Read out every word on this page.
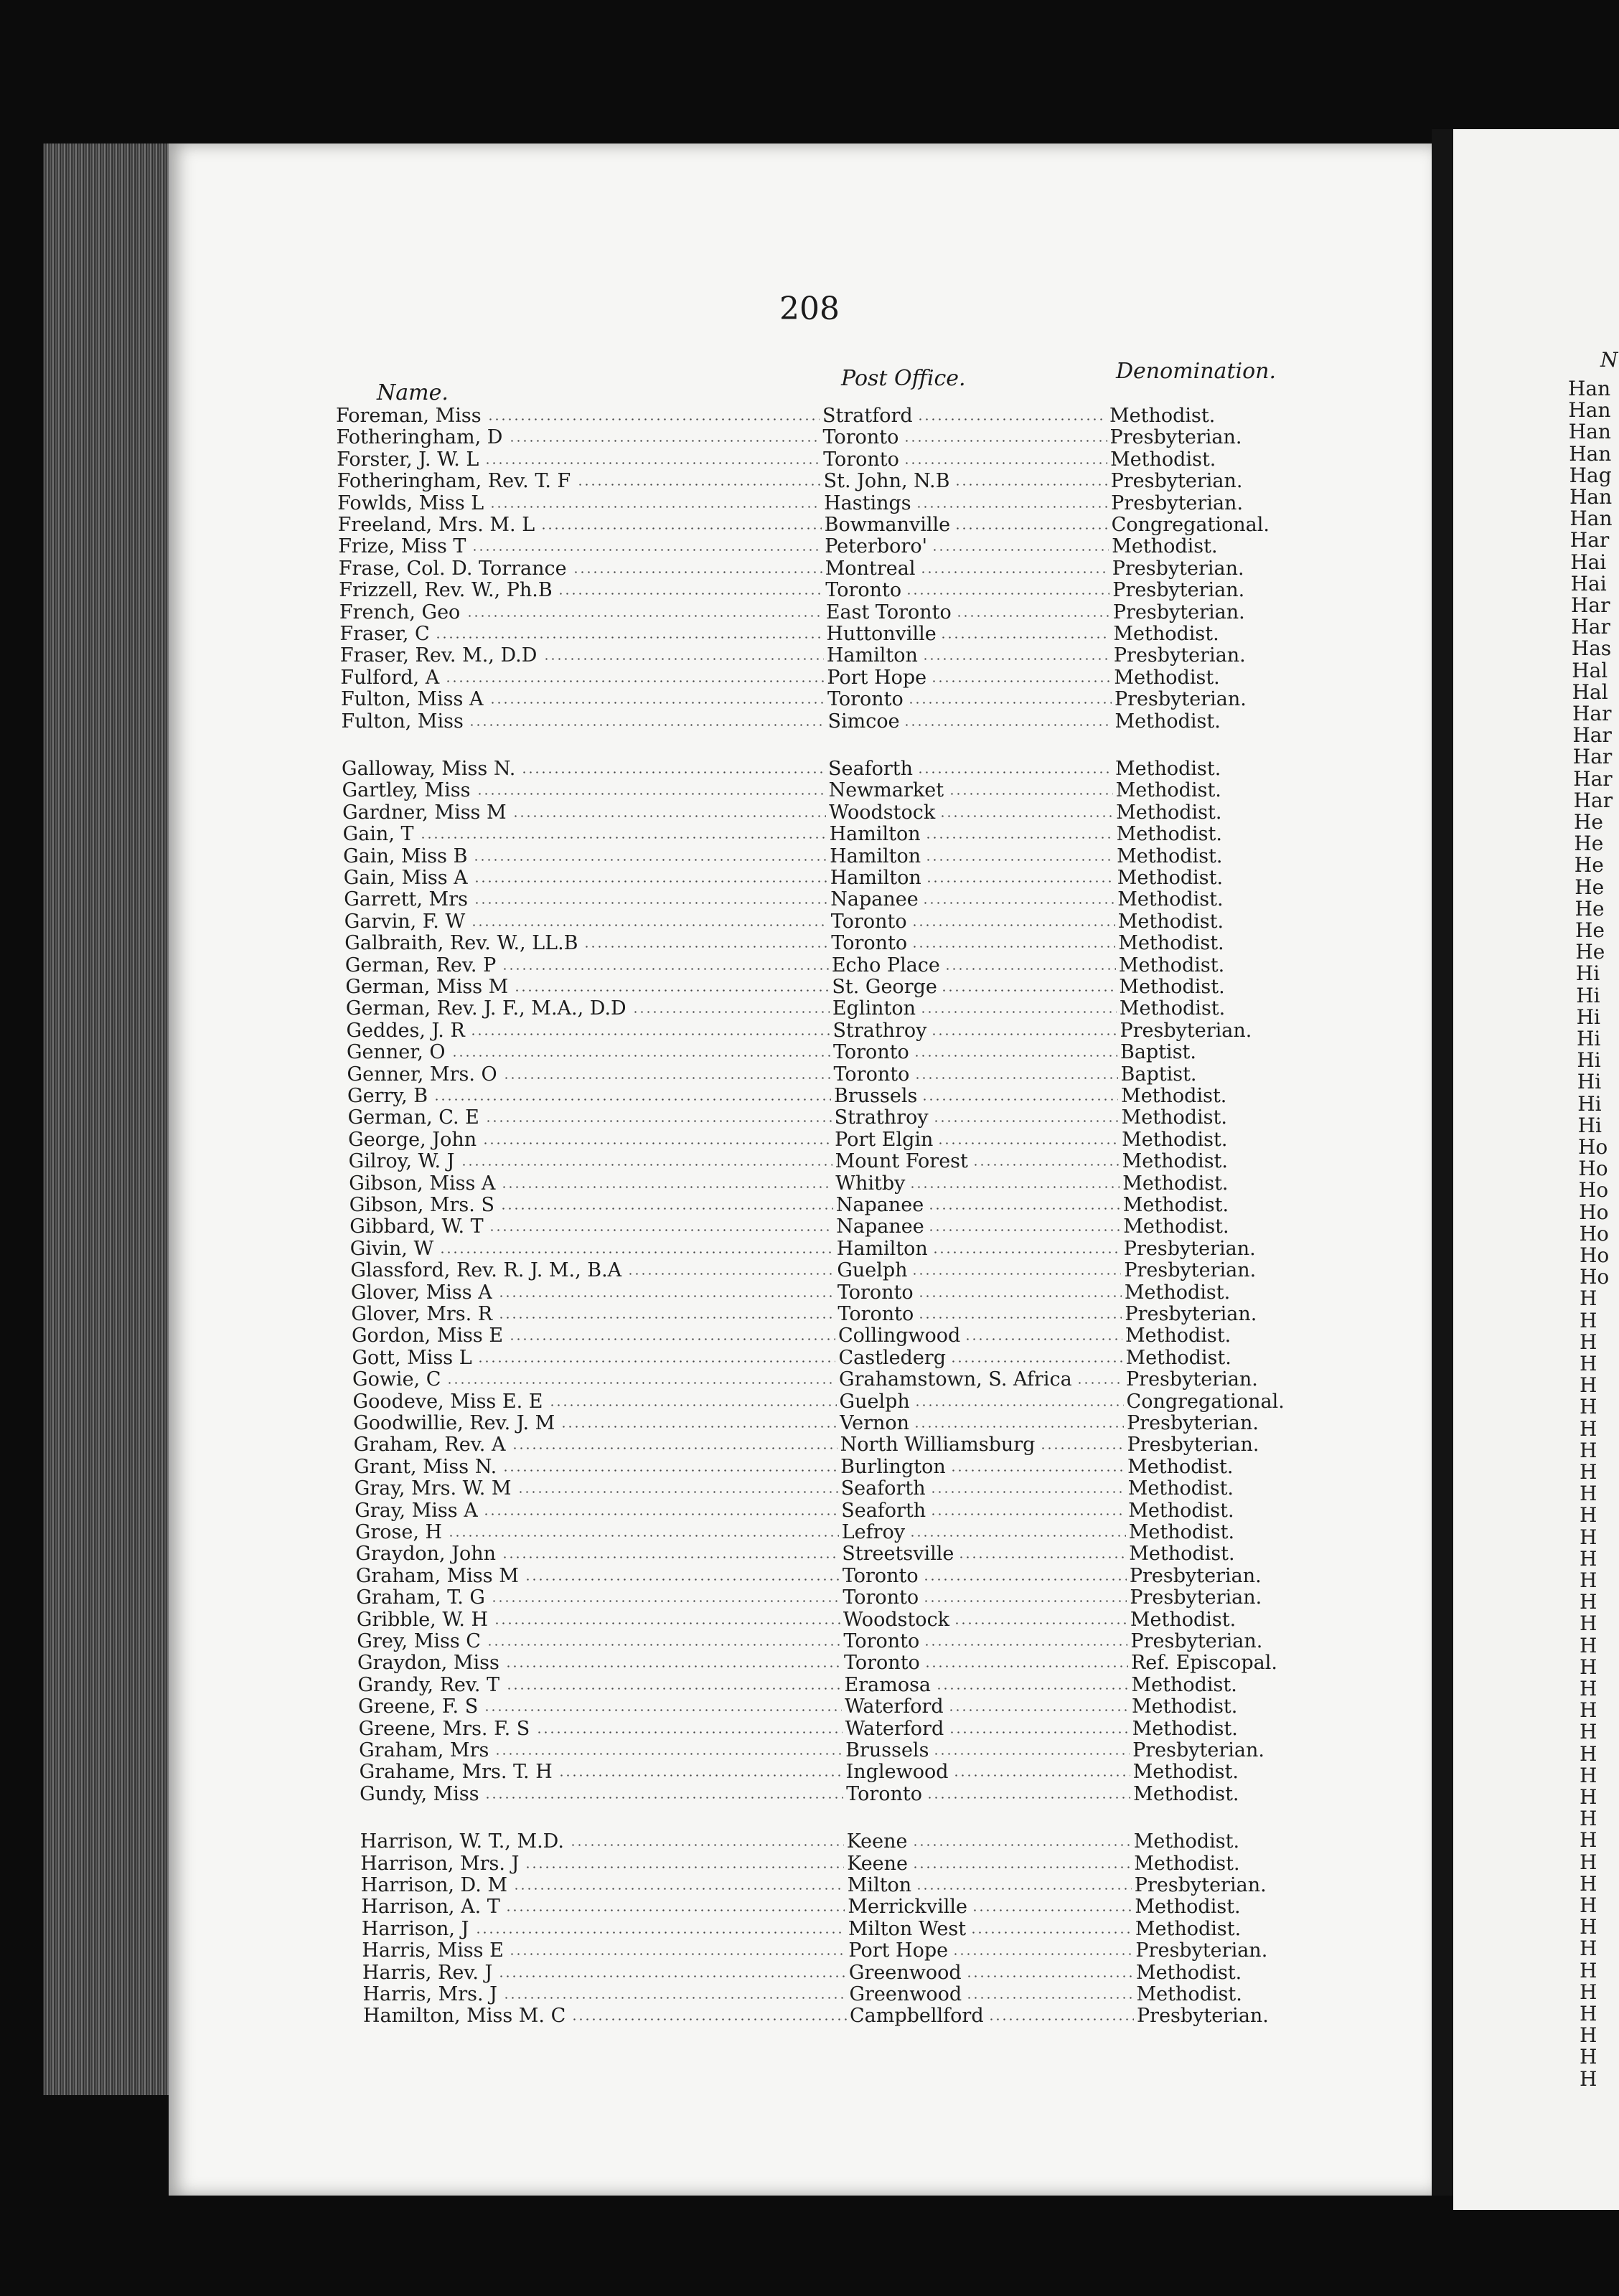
N
Han
Han
Han
Han
Hag
Han
Han
Har
Hai
Hai
Har
Har
Has
Hal
Hal
Har
Har
Har
Har
Har
He
He
He
He
He
He
He
Hi
Hi
Hi
Hi
Hi
Hi
Hi
Hi
Ho
Ho
Ho
Ho
Ho
Ho
Ho
H
H
H
H
H
H
H
H
H
H
H
H
H
H
H
H
H
H
H
H
H
H
H
H
H
H
H
H
H
H
H
H
H
H
H
H
H
208
Name.
Post Office.	Denomination.
Foreman, Miss	Stratford	Methodist.
Fotheringham, D	Toronto	Presbyterian.
Forster, J. W. L	Toronto	Methodist.
Fotheringham, Rev. T. F	St. John, N.B	Presbyterian.
Fowlds, Miss L	Hastings	Presbyterian.
Freeland, Mrs. M. L	Bowmanville	Congregational.
Frize, Miss T	Peterboro'	Methodist.
Frase, Col. D. Torrance	Montreal	Presbyterian.
Frizzell, Rev. W., Ph.B	Toronto	Presbyterian.
French, Geo	East Toronto	Presbyterian.
Fraser, C	Huttonville	Methodist.
Fraser, Rev. M., D.D	Hamilton	Presbyterian.
Fulford, A	Port Hope	Methodist.
Fulton, Miss A	Toronto	Presbyterian.
Fulton, Miss	Simcoe	Methodist.
Galloway, Miss N.	Seaforth	Methodist.
Gartley, Miss	Newmarket	Methodist.
Gardner, Miss M	Woodstock	Methodist.
Gain, T	Hamilton	Methodist.
Gain, Miss B	Hamilton	Methodist.
Gain, Miss A	Hamilton	Methodist.
Garrett, Mrs	Napanee	Methodist.
Garvin, F. W	Toronto	Methodist.
Galbraith, Rev. W., LL.B	Toronto	Methodist.
German, Rev. P	Echo Place	Methodist.
German, Miss M	St. George	Methodist.
German, Rev. J. F., M.A., D.D	Eglinton	Methodist.
Geddes, J. R	Strathroy	Presbyterian.
Genner, O	Toronto	Baptist.
Genner, Mrs. O	Toronto	Baptist.
Gerry, B	Brussels	Methodist.
German, C. E	Strathroy	Methodist.
George, John	Port Elgin	Methodist.
Gilroy, W. J	Mount Forest	Methodist.
Gibson, Miss A	Whitby	Methodist.
Gibson, Mrs. S	Napanee	Methodist.
Gibbard, W. T	Napanee	Methodist.
Givin, W	Hamilton	Presbyterian.
Glassford, Rev. R. J. M., B.A	Guelph	Presbyterian.
Glover, Miss A	Toronto	Methodist.
Glover, Mrs. R	Toronto	Presbyterian.
Gordon, Miss E	Collingwood	Methodist.
Gott, Miss L	Castlederg	Methodist.
Gowie, C	Grahamstown, S. Africa	Presbyterian.
Goodeve, Miss E. E	Guelph	Congregational.
Goodwillie, Rev. J. M	Vernon	Presbyterian.
Graham, Rev. A	North Williamsburg	Presbyterian.
Grant, Miss N.	Burlington	Methodist.
Gray, Mrs. W. M	Seaforth	Methodist.
Gray, Miss A	Seaforth	Methodist.
Grose, H	Lefroy	Methodist.
Graydon, John	Streetsville	Methodist.
Graham, Miss M	Toronto	Presbyterian.
Graham, T. G	Toronto	Presbyterian.
Gribble, W. H	Woodstock	Methodist.
Grey, Miss C	Toronto	Presbyterian.
Graydon, Miss	Toronto	Ref. Episcopal.
Grandy, Rev. T	Eramosa	Methodist.
Greene, F. S	Waterford	Methodist.
Greene, Mrs. F. S	Waterford	Methodist.
Graham, Mrs	Brussels	Presbyterian.
Grahame, Mrs. T. H	Inglewood	Methodist.
Gundy, Miss	Toronto	Methodist.
Harrison, W. T., M.D.	Keene	Methodist.
Harrison, Mrs. J	Keene	Methodist.
Harrison, D. M	Milton	Presbyterian.
Harrison, A. T	Merrickville	Methodist.
Harrison, J	Milton West	Methodist.
Harris, Miss E	Port Hope	Presbyterian.
Harris, Rev. J	Greenwood	Methodist.
Harris, Mrs. J	Greenwood	Methodist.
Hamilton, Miss M. C	Campbellford	Presbyterian.
